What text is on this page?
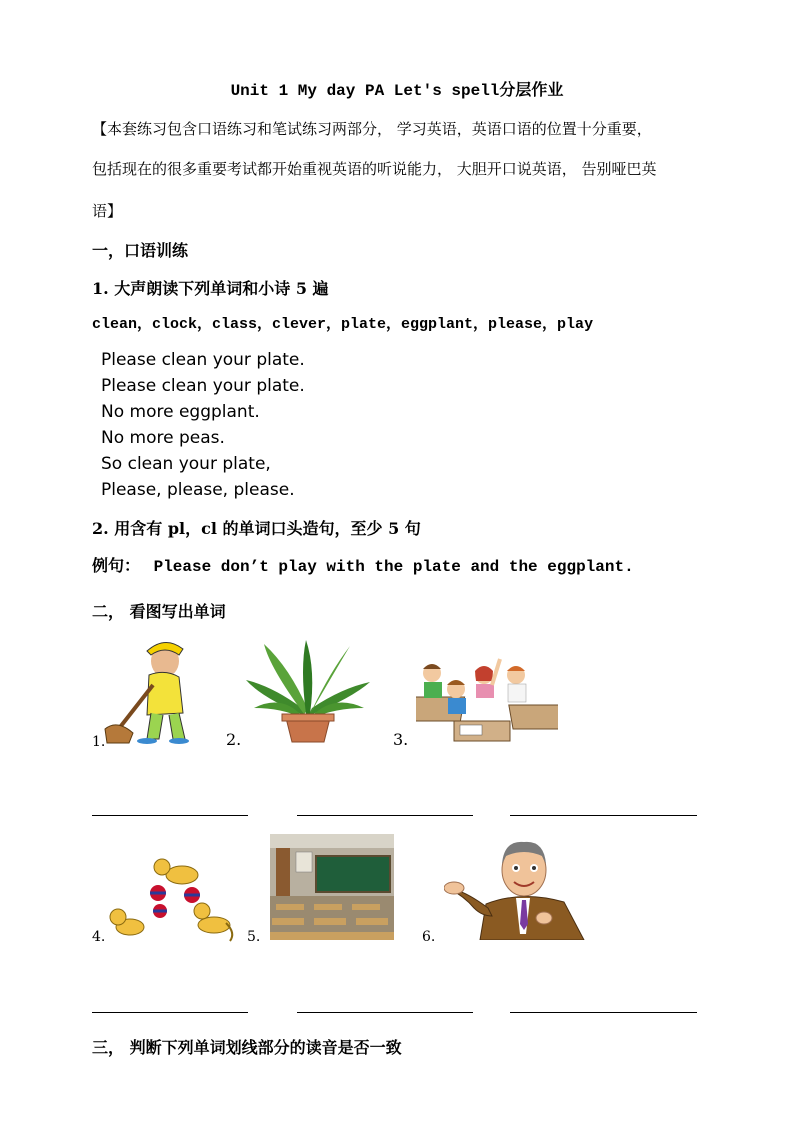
Unit 1 My day PA Let′s spell分层作业
【本套练习包含口语练习和笔试练习两部分， 学习英语，英语口语的位置十分重要，
包括现在的很多重要考试都开始重视英语的听说能力， 大胆开口说英语， 告别哑巴英
语】
一，口语训练
1. 大声朗读下列单词和小诗 5 遍
clean，clock，class，clever，plate，eggplant，please，play
Please clean your plate.
Please clean your plate.
No more eggplant.
No more peas.
So clean your plate,
Please, please, please.
2. 用含有 pl，cl 的单词口头造句，至少 5 句
例句： Please don’t play with the plate and the eggplant.
二， 看图写出单词
1.	2.	3.
4.	5.	6.
三， 判断下列单词划线部分的读音是否一致
